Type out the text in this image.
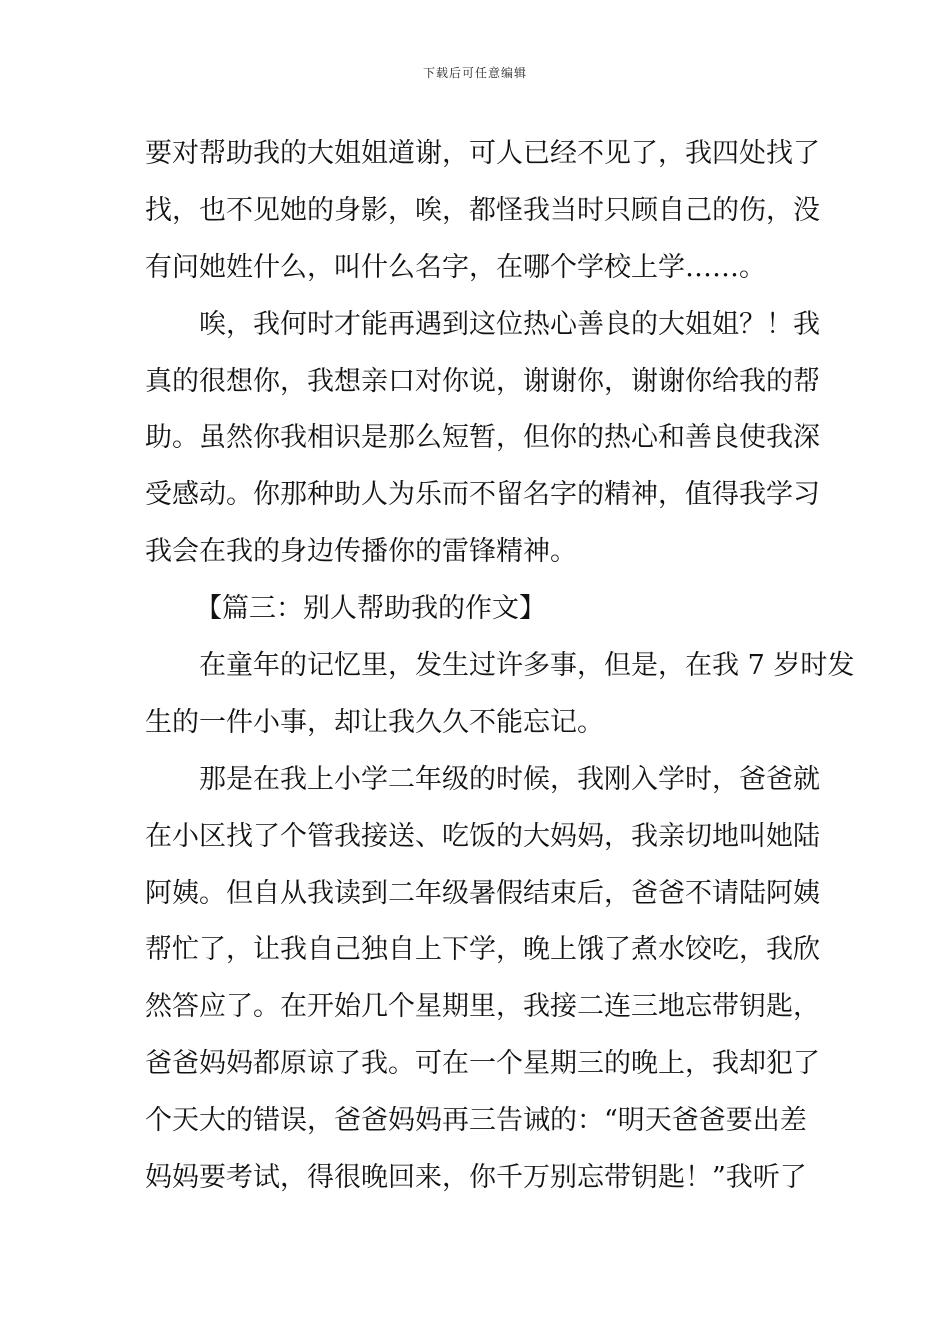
下载后可任意编辑
要对帮助我的大姐姐道谢，可人已经不见了，我四处找了
找，也不见她的身影，唉，都怪我当时只顾自己的伤，没
有问她姓什么，叫什么名字，在哪个学校上学……。
唉，我何时才能再遇到这位热心善良的大姐姐？！我
真的很想你，我想亲口对你说，谢谢你，谢谢你给我的帮
助。虽然你我相识是那么短暂，但你的热心和善良使我深
受感动。你那种助人为乐而不留名字的精神，值得我学习
我会在我的身边传播你的雷锋精神。
【篇三：别人帮助我的作文】
在童年的记忆里，发生过许多事，但是，在我 7 岁时发
生的一件小事，却让我久久不能忘记。
那是在我上小学二年级的时候，我刚入学时，爸爸就
在小区找了个管我接送、吃饭的大妈妈，我亲切地叫她陆
阿姨。但自从我读到二年级暑假结束后，爸爸不请陆阿姨
帮忙了，让我自己独自上下学，晚上饿了煮水饺吃，我欣
然答应了。在开始几个星期里，我接二连三地忘带钥匙，
爸爸妈妈都原谅了我。可在一个星期三的晚上，我却犯了
个天大的错误，爸爸妈妈再三告诫的：“明天爸爸要出差
妈妈要考试，得很晚回来，你千万别忘带钥匙！”我听了
